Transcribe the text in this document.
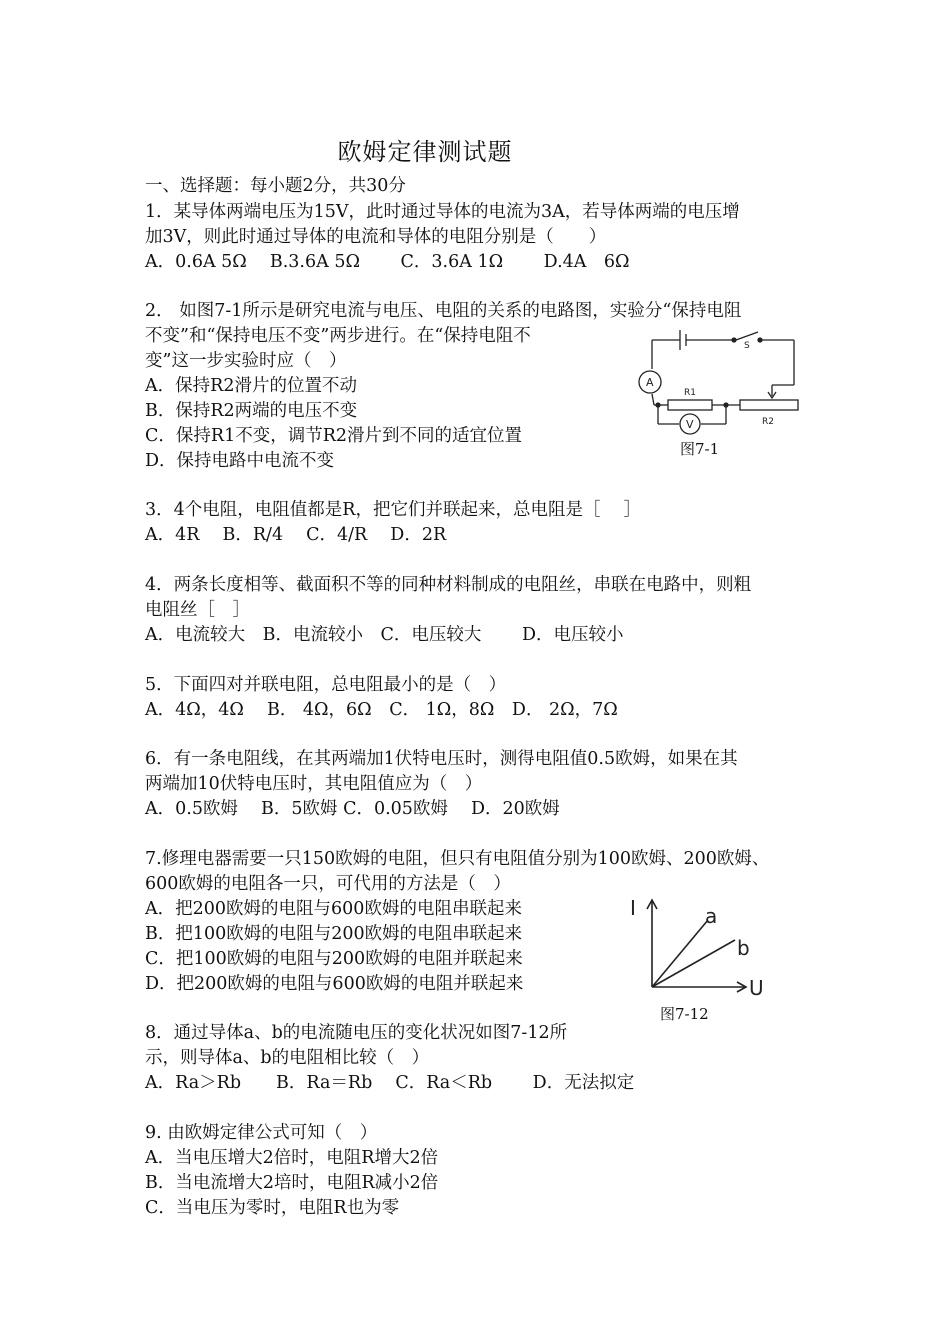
欧姆定律测试题
一、选择题：每小题2分，共30分
1．某导体两端电压为15V，此时通过导体的电流为3A，若导体两端的电压增
加3V，则此时通过导体的电流和导体的电阻分别是（　　）
A．0.6A 5Ω　 B.3.6A 5Ω　　 C．3.6A 1Ω　　 D.4A　6Ω
2． 如图7-1所示是研究电流与电压、电阻的关系的电路图，实验分“保持电阻
不变”和“保持电压不变”两步进行。在“保持电阻不
变”这一步实验时应（　）
A．保持R2滑片的位置不动
B．保持R2两端的电压不变
C．保持R1不变，调节R2滑片到不同的适宜位置
D．保持电路中电流不变
3．4个电阻，电阻值都是R，把它们并联起来，总电阻是［　 ］
A．4R　 B．R/4　 C．4/R　 D．2R
4．两条长度相等、截面积不等的同种材料制成的电阻丝，串联在电路中，则粗
电阻丝［　］
A．电流较大　B．电流较小　C．电压较大　　 D．电压较小
5．下面四对并联电阻，总电阻最小的是（　）
A．4Ω，4Ω　 B． 4Ω，6Ω　C． 1Ω，8Ω　D． 2Ω，7Ω
6．有一条电阻线，在其两端加1伏特电压时，测得电阻值0.5欧姆，如果在其
两端加10伏特电压时，其电阻值应为（　）
A．0.5欧姆　 B．5欧姆 C．0.05欧姆　 D．20欧姆
7.修理电器需要一只150欧姆的电阻，但只有电阻值分别为100欧姆、200欧姆、
600欧姆的电阻各一只，可代用的方法是（　）
A．把200欧姆的电阻与600欧姆的电阻串联起来
B．把100欧姆的电阻与200欧姆的电阻串联起来
C．把100欧姆的电阻与200欧姆的电阻并联起来
D．把200欧姆的电阻与600欧姆的电阻并联起来
8．通过导体a、b的电流随电压的变化状况如图7-12所
示，则导体a、b的电阻相比较（　）
A．Ra＞Rb　　B．Ra＝Rb　 C．Ra＜Rb　　 D．无法拟定
9. 由欧姆定律公式可知（　）
A．当电压增大2倍时，电阻R增大2倍
B．当电流增大2培时，电阻R减小2倍
C．当电压为零时，电阻R也为零
S
A
V
R1
R2
图7-1
I
U
a
b
图7-12
